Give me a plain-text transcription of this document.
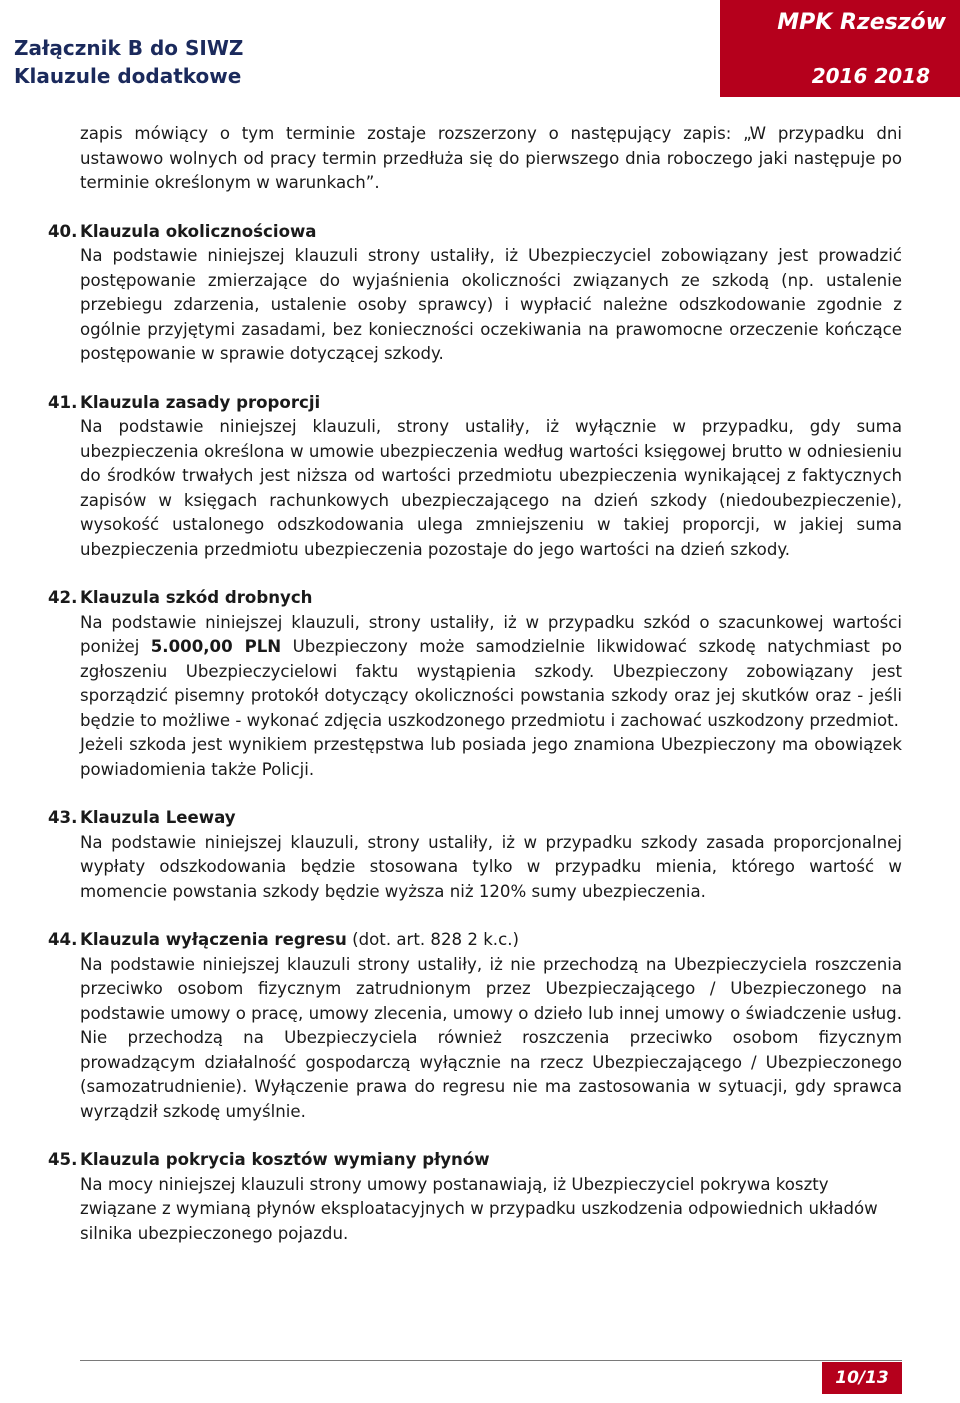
Załącznik B do SIWZ
Klauzule dodatkowe
MPK Rzeszów
2016 2018

zapis mówiący o tym terminie zostaje rozszerzony o następujący zapis: „W przypadku dni ustawowo wolnych od pracy termin przedłuża się do pierwszego dnia roboczego jaki następuje po terminie określonym w warunkach”.

40. Klauzula okolicznościowa

Na podstawie niniejszej klauzuli strony ustaliły, iż Ubezpieczyciel zobowiązany jest prowadzić postępowanie zmierzające do wyjaśnienia okoliczności związanych ze szkodą (np. ustalenie przebiegu zdarzenia, ustalenie osoby sprawcy) i wypłacić należne odszkodowanie zgodnie z ogólnie przyjętymi zasadami, bez konieczności oczekiwania na prawomocne orzeczenie kończące postępowanie w sprawie dotyczącej szkody.

41. Klauzula zasady proporcji

Na podstawie niniejszej klauzuli, strony ustaliły, iż wyłącznie w przypadku, gdy suma ubezpieczenia określona w umowie ubezpieczenia według wartości księgowej brutto w odniesieniu do środków trwałych jest niższa od wartości przedmiotu ubezpieczenia wynikającej z faktycznych zapisów w księgach rachunkowych ubezpieczającego na dzień szkody (niedoubezpieczenie), wysokość ustalonego odszkodowania ulega zmniejszeniu w takiej proporcji, w jakiej suma ubezpieczenia przedmiotu ubezpieczenia pozostaje do jego wartości na dzień szkody.

42. Klauzula szkód drobnych

Na podstawie niniejszej klauzuli, strony ustaliły, iż w przypadku szkód o szacunkowej wartości poniżej 5.000,00 PLN Ubezpieczony może samodzielnie likwidować szkodę natychmiast po zgłoszeniu Ubezpieczycielowi faktu wystąpienia szkody. Ubezpieczony zobowiązany jest sporządzić pisemny protokół dotyczący okoliczności powstania szkody oraz jej skutków oraz - jeśli będzie to możliwe - wykonać zdjęcia uszkodzonego przedmiotu i zachować uszkodzony przedmiot.

Jeżeli szkoda jest wynikiem przestępstwa lub posiada jego znamiona Ubezpieczony ma obowiązek powiadomienia także Policji.

43. Klauzula Leeway

Na podstawie niniejszej klauzuli, strony ustaliły, iż w przypadku szkody zasada proporcjonalnej wypłaty odszkodowania będzie stosowana tylko w przypadku mienia, którego wartość w momencie powstania szkody będzie wyższa niż 120% sumy ubezpieczenia.

44. Klauzula wyłączenia regresu (dot. art. 828 2 k.c.)

Na podstawie niniejszej klauzuli strony ustaliły, iż nie przechodzą na Ubezpieczyciela roszczenia przeciwko osobom fizycznym zatrudnionym przez Ubezpieczającego / Ubezpieczonego na podstawie umowy o pracę, umowy zlecenia, umowy o dzieło lub innej umowy o świadczenie usług. Nie przechodzą na Ubezpieczyciela również roszczenia przeciwko osobom fizycznym prowadzącym działalność gospodarczą wyłącznie na rzecz Ubezpieczającego / Ubezpieczonego (samozatrudnienie). Wyłączenie prawa do regresu nie ma zastosowania w sytuacji, gdy sprawca wyrządził szkodę umyślnie.

45. Klauzula pokrycia kosztów wymiany płynów

Na mocy niniejszej klauzuli strony umowy postanawiają, iż Ubezpieczyciel pokrywa koszty związane z wymianą płynów eksploatacyjnych w przypadku uszkodzenia odpowiednich układów silnika ubezpieczonego pojazdu.

10/13
